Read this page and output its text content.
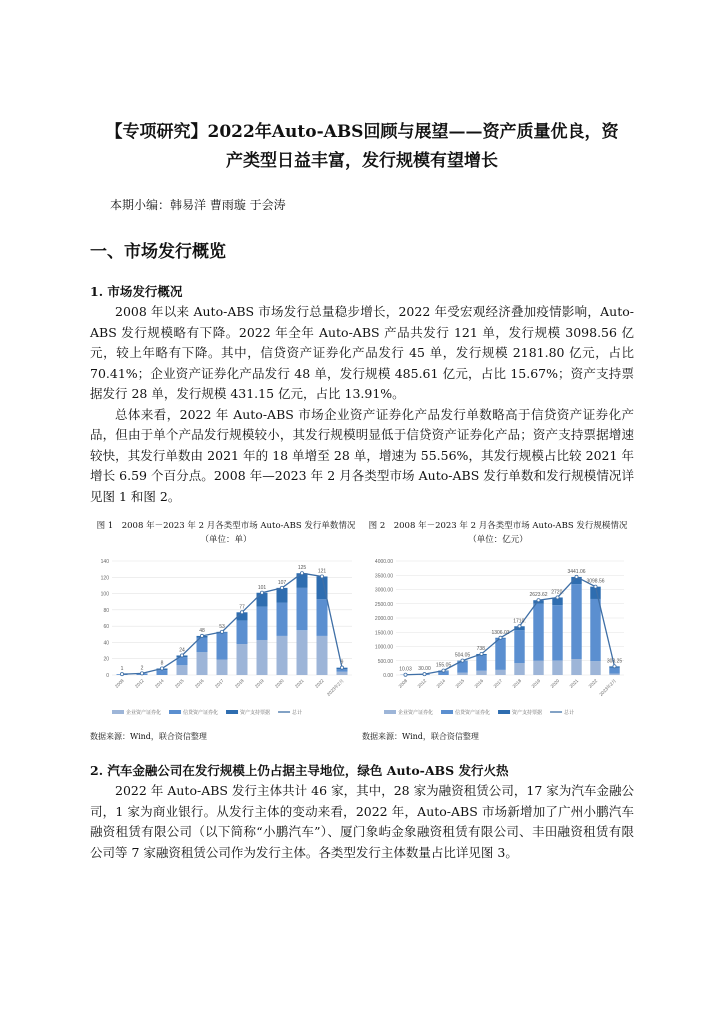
【专项研究】2022年Auto-ABS回顾与展望——资产质量优良，资产类型日益丰富，发行规模有望增长
本期小编：韩易洋 曹雨璇 于会涛
一、市场发行概览
1. 市场发行概况
2008 年以来 Auto-ABS 市场发行总量稳步增长，2022 年受宏观经济叠加疫情影响，Auto-ABS 发行规模略有下降。2022 年全年 Auto-ABS 产品共发行 121 单，发行规模 3098.56 亿元，较上年略有下降。其中，信贷资产证券化产品发行 45 单，发行规模 2181.80 亿元，占比 70.41%；企业资产证券化产品发行 48 单，发行规模 485.61 亿元，占比 15.67%；资产支持票据发行 28 单，发行规模 431.15 亿元，占比 13.91%。
总体来看，2022 年 Auto-ABS 市场企业资产证券化产品发行单数略高于信贷资产证券化产品，但由于单个产品发行规模较小，其发行规模明显低于信贷资产证券化产品；资产支持票据增速较快，其发行单数由 2021 年的 18 单增至 28 单，增速为 55.56%，其发行规模占比较 2021 年增长 6.59 个百分点。2008 年—2023 年 2 月各类型市场 Auto-ABS 发行单数和发行规模情况详见图 1 和图 2。
图 1　2008 年－2023 年 2 月各类型市场 Auto-ABS 发行单数情况
（单位：单）
0
20
40
60
80
100
120
140
2008 2012 2014 2015 2016 2017 2018 2019 2020 2021 2022 2023年2月
1	2
8
24
48
53
77
101
107
125
121
9
企业资产证券化	信贷资产证券化	资产支持票据	总计
数据来源：Wind，联合资信整理
图 2　2008 年－2023 年 2 月各类型市场 Auto-ABS 发行规模情况
（单位：亿元）
0.00
500.00
1000.00
1500.00
2000.00
2500.00
3000.00
3500.00
4000.00
2008 2012 2014 2015 2016 2017 2018 2019 2020 2021 2022 2023年2月
10.03 30.00
155.05
504.05
738.
1306.03
1710.
2623.62 2720.
3441.06
3098.56
303.25
企业资产证券化	信贷资产证券化	资产支持票据	总计
数据来源：Wind，联合资信整理
2. 汽车金融公司在发行规模上仍占据主导地位，绿色 Auto-ABS 发行火热
2022 年 Auto-ABS 发行主体共计 46 家，其中，28 家为融资租赁公司，17 家为汽车金融公司，1 家为商业银行。从发行主体的变动来看，2022 年，Auto-ABS 市场新增加了广州小鹏汽车融资租赁有限公司（以下简称“小鹏汽车”）、厦门象屿金象融资租赁有限公司、丰田融资租赁有限公司等 7 家融资租赁公司作为发行主体。各类型发行主体数量占比详见图 3。
